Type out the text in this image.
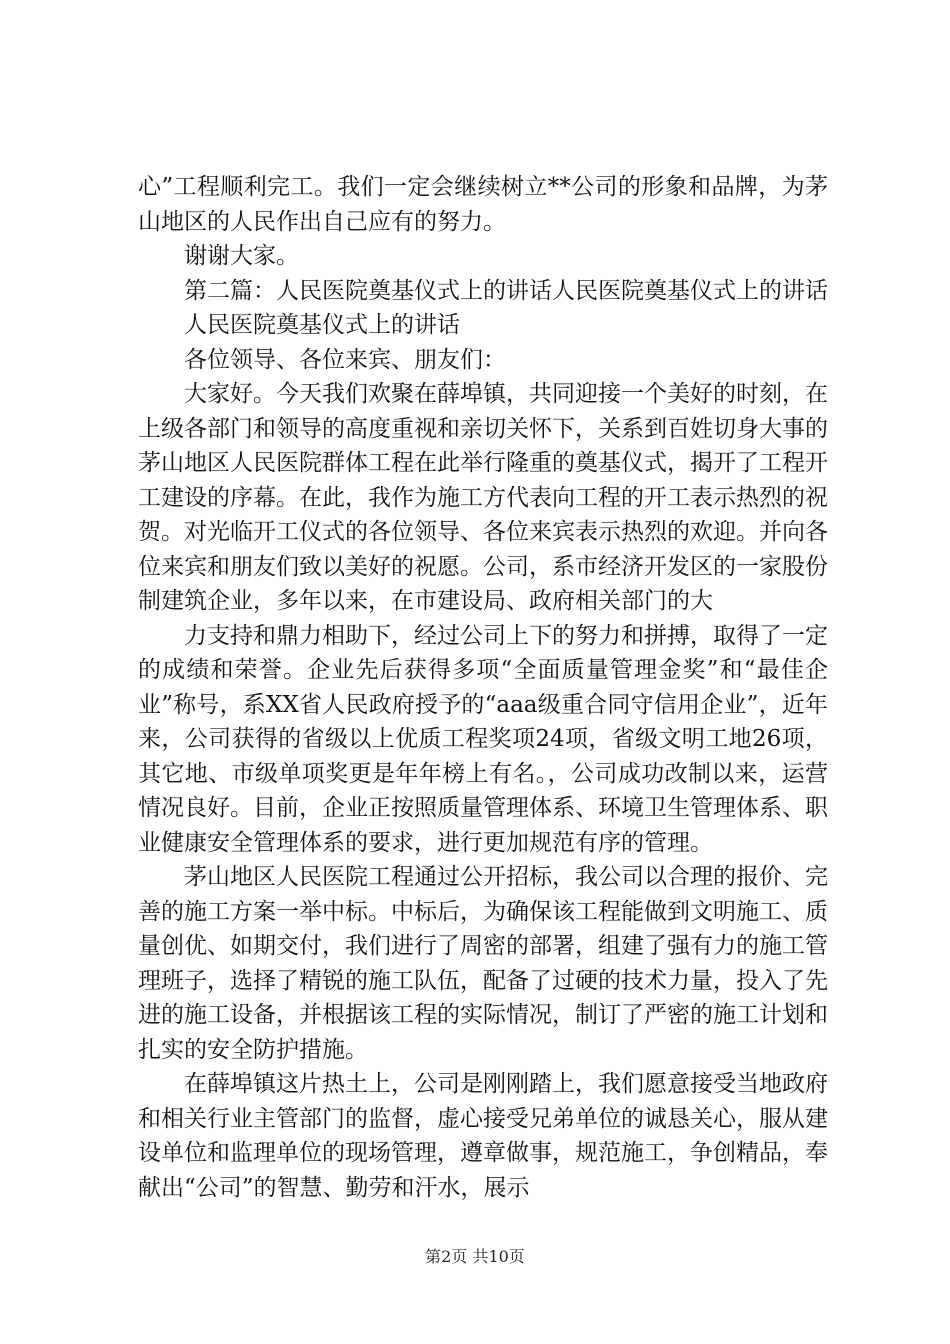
心”工程顺利完工。我们一定会继续树立**公司的形象和品牌，为茅山地区的人民作出自己应有的努力。

谢谢大家。

第二篇：人民医院奠基仪式上的讲话人民医院奠基仪式上的讲话

人民医院奠基仪式上的讲话

各位领导、各位来宾、朋友们：

大家好。今天我们欢聚在薛埠镇，共同迎接一个美好的时刻，在上级各部门和领导的高度重视和亲切关怀下，关系到百姓切身大事的茅山地区人民医院群体工程在此举行隆重的奠基仪式，揭开了工程开工建设的序幕。在此，我作为施工方代表向工程的开工表示热烈的祝贺。对光临开工仪式的各位领导、各位来宾表示热烈的欢迎。并向各位来宾和朋友们致以美好的祝愿。公司，系市经济开发区的一家股份制建筑企业，多年以来，在市建设局、政府相关部门的大

力支持和鼎力相助下，经过公司上下的努力和拼搏，取得了一定的成绩和荣誉。企业先后获得多项“全面质量管理金奖”和“最佳企业”称号，系XX省人民政府授予的“aaa级重合同守信用企业”，近年来，公司获得的省级以上优质工程奖项24项，省级文明工地26项，其它地、市级单项奖更是年年榜上有名。，公司成功改制以来，运营情况良好。目前，企业正按照质量管理体系、环境卫生管理体系、职业健康安全管理体系的要求，进行更加规范有序的管理。

茅山地区人民医院工程通过公开招标，我公司以合理的报价、完善的施工方案一举中标。中标后，为确保该工程能做到文明施工、质量创优、如期交付，我们进行了周密的部署，组建了强有力的施工管理班子，选择了精锐的施工队伍，配备了过硬的技术力量，投入了先进的施工设备，并根据该工程的实际情况，制订了严密的施工计划和扎实的安全防护措施。

在薛埠镇这片热土上，公司是刚刚踏上，我们愿意接受当地政府和相关行业主管部门的监督，虚心接受兄弟单位的诚恳关心，服从建设单位和监理单位的现场管理，遵章做事，规范施工，争创精品，奉献出“公司”的智慧、勤劳和汗水，展示

第2页 共10页
